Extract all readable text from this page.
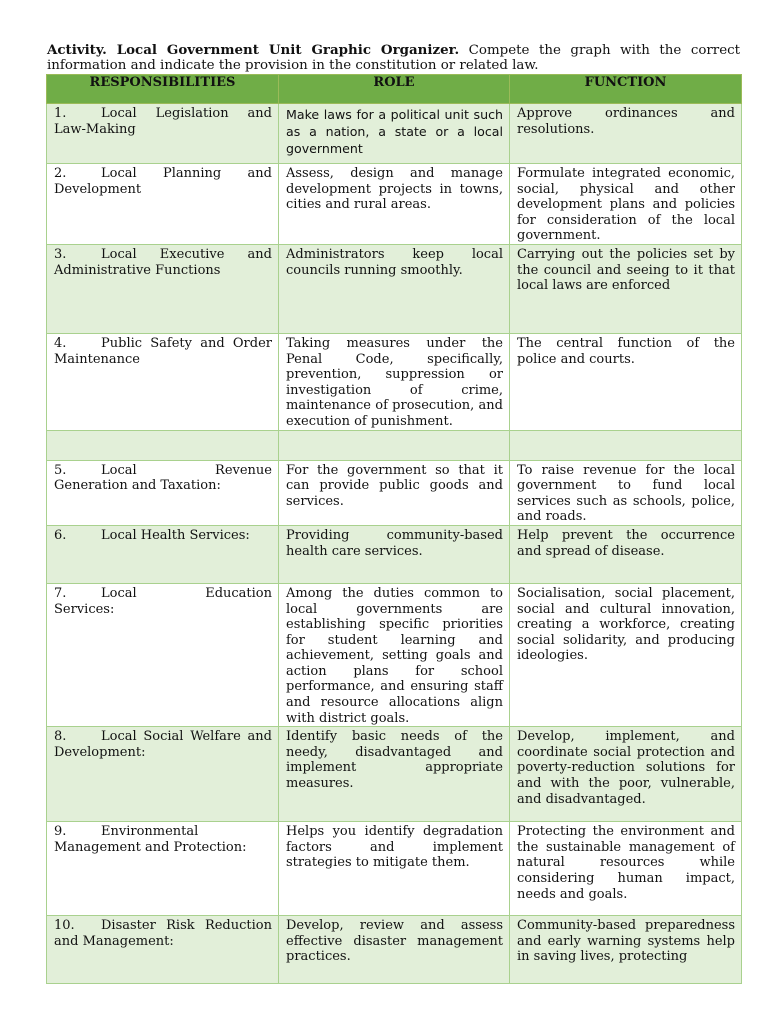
Activity. Local Government Unit Graphic Organizer. Compete the graph with the correct information and indicate the provision in the constitution or related law.
RESPONSIBILITIES	ROLE	FUNCTION
1. Local Legislation and Law-Making	Make laws for a political unit such as a nation, a state or a local government	Approve ordinances and resolutions.
2. Local Planning and Development	Assess, design and manage development projects in towns, cities and rural areas.	Formulate integrated economic, social, physical and other development plans and policies for consideration of the local government.
3. Local Executive and Administrative Functions	Administrators keep local councils running smoothly.	Carrying out the policies set by the council and seeing to it that local laws are enforced
4. Public Safety and Order Maintenance	Taking measures under the Penal Code, specifically, prevention, suppression or investigation of crime, maintenance of prosecution, and execution of punishment.	The central function of the police and courts.

5. Local Revenue Generation and Taxation:	For the government so that it can provide public goods and services.	To raise revenue for the local government to fund local services such as schools, police, and roads.
6. Local Health Services:	Providing community-based health care services.	Help prevent the occurrence and spread of disease.
7. Local Education Services:	Among the duties common to local governments are establishing specific priorities for student learning and achievement, setting goals and action plans for school performance, and ensuring staff and resource allocations align with district goals.	Socialisation, social placement, social and cultural innovation, creating a workforce, creating social solidarity, and producing ideologies.
8. Local Social Welfare and Development:	Identify basic needs of the needy, disadvantaged and implement appropriate measures.	Develop, implement, and coordinate social protection and poverty-reduction solutions for and with the poor, vulnerable, and disadvantaged.
9. Environmental Management and Protection:	Helps you identify degradation factors and implement strategies to mitigate them.	Protecting the environment and the sustainable management of natural resources while considering human impact, needs and goals.
10. Disaster Risk Reduction and Management:	Develop, review and assess effective disaster management practices.	Community-based preparedness and early warning systems help in saving lives, protecting
